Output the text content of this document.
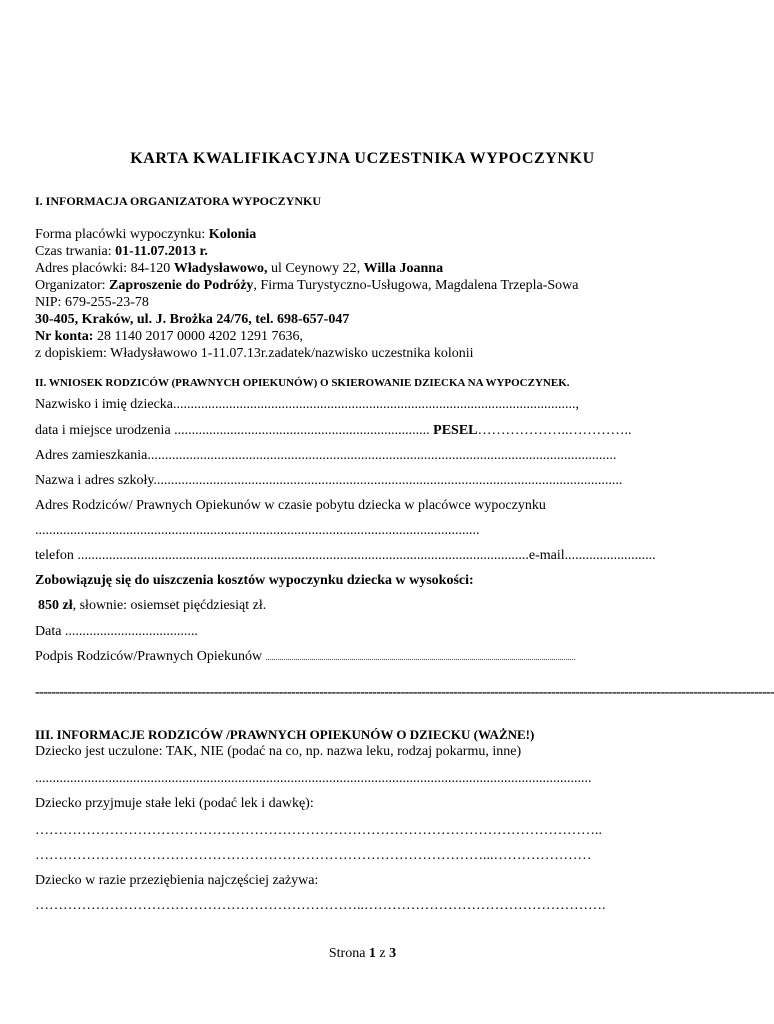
KARTA KWALIFIKACYJNA UCZESTNIKA WYPOCZYNKU
I. INFORMACJA ORGANIZATORA WYPOCZYNKU
Forma placówki wypoczynku: Kolonia
Czas trwania: 01-11.07.2013 r.
Adres placówki: 84-120 Władysławowo, ul Ceynowy 22, Willa Joanna
Organizator: Zaproszenie do Podróży, Firma Turystyczno-Usługowa, Magdalena Trzepla-Sowa
NIP: 679-255-23-78
30-405, Kraków, ul. J. Brożka 24/76, tel. 698-657-047
Nr konta: 28 1140 2017 0000 4202 1291 7636,
z dopiskiem: Władysławowo 1-11.07.13r.zadatek/nazwisko uczestnika kolonii
II. WNIOSEK RODZICÓW (PRAWNYCH OPIEKUNÓW) O SKIEROWANIE DZIECKA NA WYPOCZYNEK.
Nazwisko i imię dziecka...................................................................................................................,
data i miejsce urodzenia ......................................................................... PESEL………………..…………..
Adres zamieszkania......................................................................................................................................
Nazwa i adres szkoły......................................................................................................................................
Adres Rodziców/ Prawnych Opiekunów w czasie pobytu dziecka w placówce wypoczynku
...............................................................................................................................
telefon .................................................................................................................................e-mail..........................
Zobowiązuję się do uiszczenia kosztów wypoczynku dziecka w wysokości:
850 zł, słownie: osiemset pięćdziesiąt zł.
Data ......................................
Podpis Rodziców/Prawnych Opiekunów ...........................................................................................................................................................
--------------------------------------------------------------------------------------------------------------------------------------------------------------------------------------
III. INFORMACJE RODZICÓW /PRAWNYCH OPIEKUNÓW O DZIECKU (WAŻNE!)
Dziecko jest uczulone: TAK, NIE (podać na co, np. nazwa leku, rodzaj pokarmu, inne)
...............................................................................................................................................................
Dziecko przyjmuje stałe leki (podać lek i dawkę):
…………………………………………………………………………………………………………..
……………………………………………………………………………………...…………………
Dziecko w razie przeziębienia najczęściej zażywa:
……………………………………………………………..…………………………………………….
Strona 1 z 3
